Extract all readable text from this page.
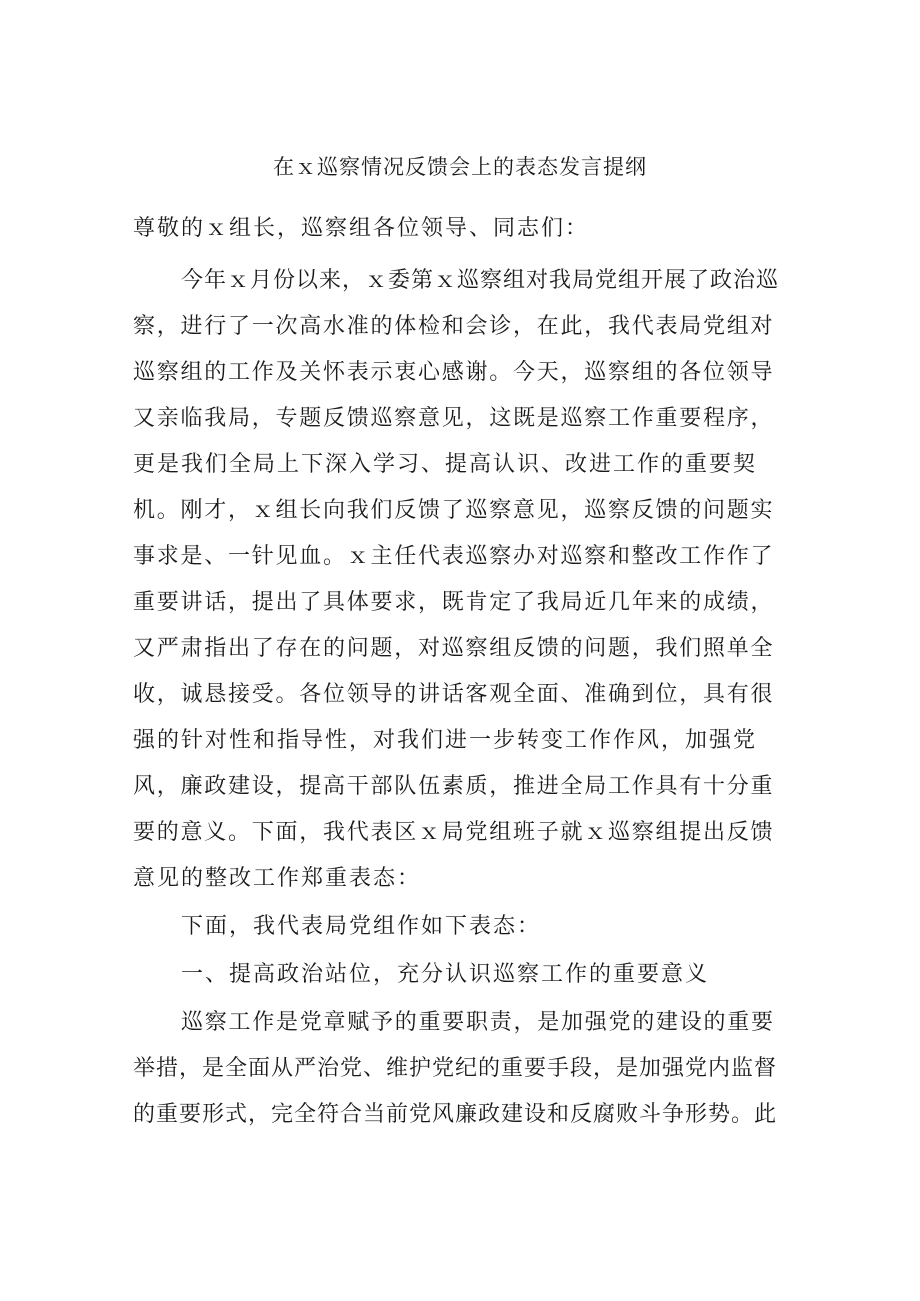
在ｘ巡察情况反馈会上的表态发言提纲
尊敬的ｘ组长，巡察组各位领导、同志们：
今年ｘ月份以来，ｘ委第ｘ巡察组对我局党组开展了政治巡
察，进行了一次高水准的体检和会诊，在此，我代表局党组对
巡察组的工作及关怀表示衷心感谢。今天，巡察组的各位领导
又亲临我局，专题反馈巡察意见，这既是巡察工作重要程序，
更是我们全局上下深入学习、提高认识、改进工作的重要契
机。刚才，ｘ组长向我们反馈了巡察意见，巡察反馈的问题实
事求是、一针见血。ｘ主任代表巡察办对巡察和整改工作作了
重要讲话，提出了具体要求，既肯定了我局近几年来的成绩，
又严肃指出了存在的问题，对巡察组反馈的问题，我们照单全
收，诚恳接受。各位领导的讲话客观全面、准确到位，具有很
强的针对性和指导性，对我们进一步转变工作作风，加强党
风，廉政建设，提高干部队伍素质，推进全局工作具有十分重
要的意义。下面，我代表区ｘ局党组班子就ｘ巡察组提出反馈
意见的整改工作郑重表态：
下面，我代表局党组作如下表态：
一、提高政治站位，充分认识巡察工作的重要意义
巡察工作是党章赋予的重要职责，是加强党的建设的重要
举措，是全面从严治党、维护党纪的重要手段，是加强党内监督
的重要形式，完全符合当前党风廉政建设和反腐败斗争形势。此
